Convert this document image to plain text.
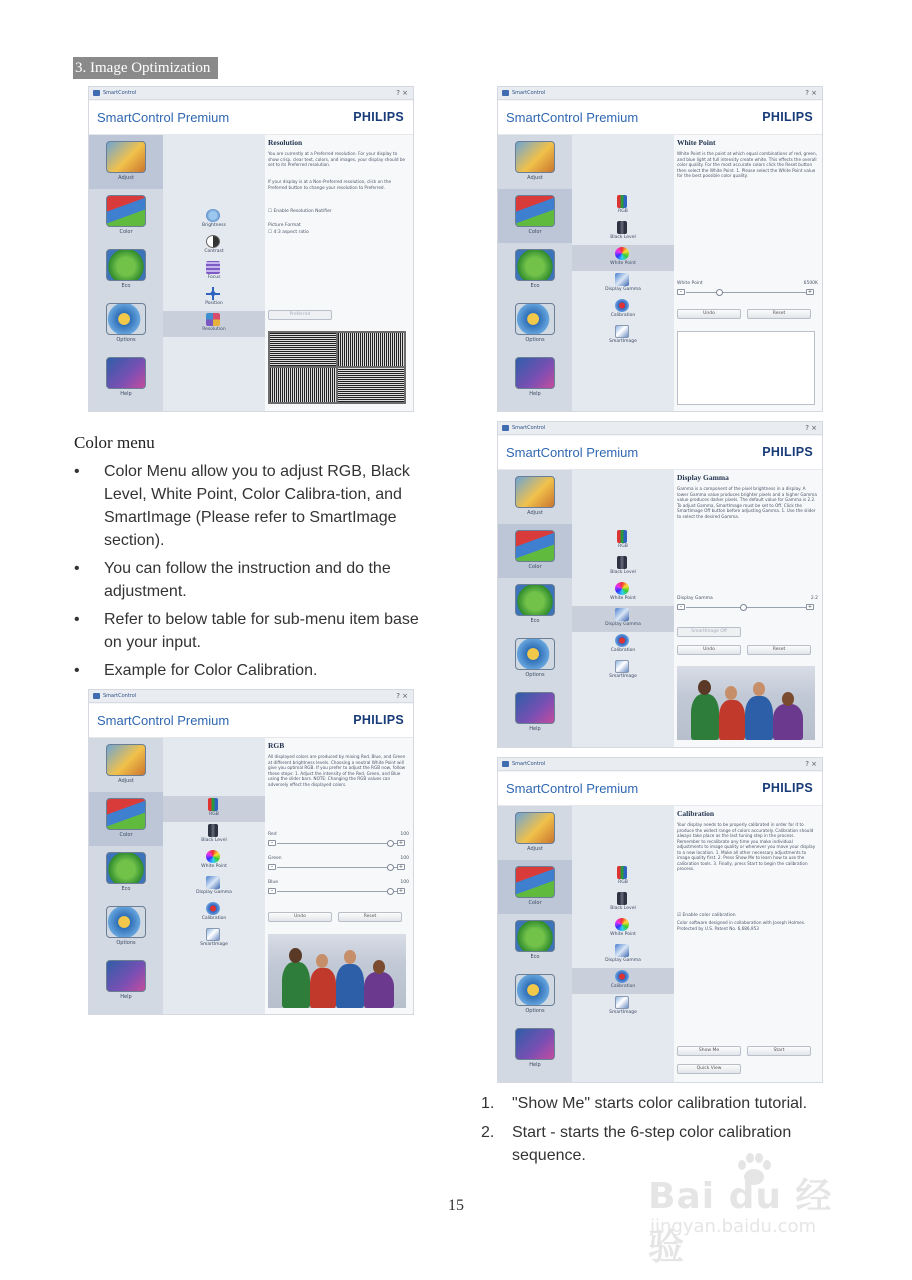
3. Image Optimization
SmartControl	? ×
SmartControl Premium	PHILIPS
Adjust
Color
Eco
Options
Help
Brightness
Contrast
Focus
Position
Resolution
Resolution
You are currently at a Preferred resolution. For your display to show crisp, clear text, colors, and images, your display should be set to its Preferred resolution.
If your display is at a Non-Preferred resolution, click on the Preferred button to change your resolution to Preferred.
☐ Enable Resolution Notifier
Picture Format
☐ 4:3 aspect ratio
Preferred
Color menu
• Color Menu allow you to adjust RGB, Black Level, White Point, Color Calibra-tion, and SmartImage (Please refer to SmartImage section).
• You can follow the instruction and do the adjustment.
• Refer to below table for sub-menu item base on your input.
• Example for Color Calibration.
SmartControl	? ×
SmartControl Premium	PHILIPS
Adjust
Color
Eco
Options
Help
RGB
Black Level
White Point
Display Gamma
Calibration
SmartImage
RGB
All displayed colors are produced by mixing Red, Blue, and Green at different brightness levels. Choosing a neutral White Point will give you optimal RGB. If you prefer to adjust the RGB now, follow these steps: 1. Adjust the intensity of the Red, Green, and Blue using the slider bars. NOTE: Changing the RGB values can adversely effect the displayed colors.
Red	100
–	+
Green	100
–	+
Blue	100
–	+
Undo	Reset
SmartControl	? ×
SmartControl Premium	PHILIPS
Adjust
Color
Eco
Options
Help
RGB
Black Level
White Point
Display Gamma
Calibration
SmartImage
White Point
White Point is the point at which equal combinations of red, green, and blue light at full intensity create white. This effects the overall color quality. For the most accurate colors click the Reset button then select the White Point. 1. Please select the White Point value for the best possible color quality.
White Point	6500K
–	+
Undo	Reset
SmartControl	? ×
SmartControl Premium	PHILIPS
Adjust
Color
Eco
Options
Help
RGB
Black Level
White Point
Display Gamma
Calibration
SmartImage
Display Gamma
Gamma is a component of the pixel brightness in a display. A lower Gamma value produces brighter pixels and a higher Gamma value produces darker pixels. The default value for Gamma is 2.2. To adjust Gamma, SmartImage must be set to Off. Click the SmartImage Off button before adjusting Gamma. 1. Use the slider to select the desired Gamma.
Display Gamma	2.2
–	+
SmartImage Off
Undo	Reset
SmartControl	? ×
SmartControl Premium	PHILIPS
Adjust
Color
Eco
Options
Help
RGB
Black Level
White Point
Display Gamma
Calibration
SmartImage
Calibration
Your display needs to be properly calibrated in order for it to produce the widest range of colors accurately. Calibration should always take place as the last tuning step in the process. Remember to recalibrate any time you make individual adjustments to image quality or whenever you move your display to a new location. 1. Make all other necessary adjustments to image quality first. 2. Press Show Me to learn how to use the calibration tools. 3. Finally, press Start to begin the calibration process.
☑ Enable color calibration
Color software designed in collaboration with Joseph Holmes. Protected by U.S. Patent No. 6,686,953
Show Me	Start
Quick View
1. "Show Me" starts color calibration tutorial.
2. Start - starts the 6-step color calibration sequence.
15	Bai du 经验
jingyan.baidu.com
